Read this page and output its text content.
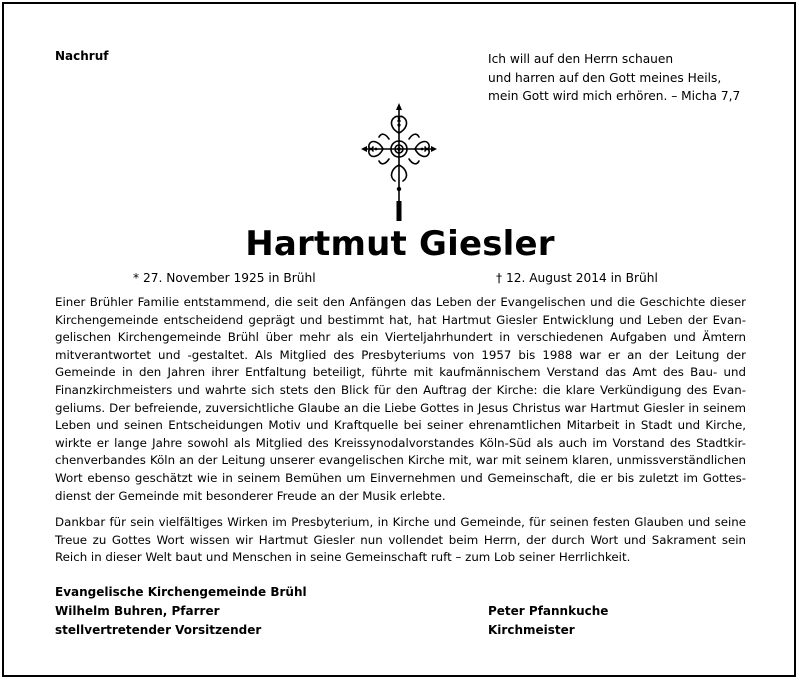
Nachruf	Ich will auf den Herrn schauen
und harren auf den Gott meines Heils,
mein Gott wird mich erhören. – Micha 7,7
Hartmut Giesler
* 27. November 1925 in Brühl	† 12. August 2014 in Brühl
Einer Brühler Familie entstammend, die seit den Anfängen das Leben der Evangelischen und die Geschichte dieser
Kirchengemeinde entscheidend geprägt und bestimmt hat, hat Hartmut Giesler Entwicklung und Leben der Evan-
gelischen Kirchengemeinde Brühl über mehr als ein Vierteljahrhundert in verschiedenen Aufgaben und Ämtern
mitverantwortet und -gestaltet. Als Mitglied des Presbyteriums von 1957 bis 1988 war er an der Leitung der
Gemeinde in den Jahren ihrer Entfaltung beteiligt, führte mit kaufmännischem Verstand das Amt des Bau- und
Finanzkirchmeisters und wahrte sich stets den Blick für den Auftrag der Kirche: die klare Verkündigung des Evan-
geliums. Der befreiende, zuversichtliche Glaube an die Liebe Gottes in Jesus Christus war Hartmut Giesler in seinem
Leben und seinen Entscheidungen Motiv und Kraftquelle bei seiner ehrenamtlichen Mitarbeit in Stadt und Kirche,
wirkte er lange Jahre sowohl als Mitglied des Kreissynodalvorstandes Köln-Süd als auch im Vorstand des Stadtkir-
chenverbandes Köln an der Leitung unserer evangelischen Kirche mit, war mit seinem klaren, unmissverständlichen
Wort ebenso geschätzt wie in seinem Bemühen um Einvernehmen und Gemeinschaft, die er bis zuletzt im Gottes-
dienst der Gemeinde mit besonderer Freude an der Musik erlebte.
Dankbar für sein vielfältiges Wirken im Presbyterium, in Kirche und Gemeinde, für seinen festen Glauben und seine
Treue zu Gottes Wort wissen wir Hartmut Giesler nun vollendet beim Herrn, der durch Wort und Sakrament sein
Reich in dieser Welt baut und Menschen in seine Gemeinschaft ruft – zum Lob seiner Herrlichkeit.
Evangelische Kirchengemeinde Brühl
Wilhelm Buhren, Pfarrer
stellvertretender Vorsitzender
Peter Pfannkuche
Kirchmeister
